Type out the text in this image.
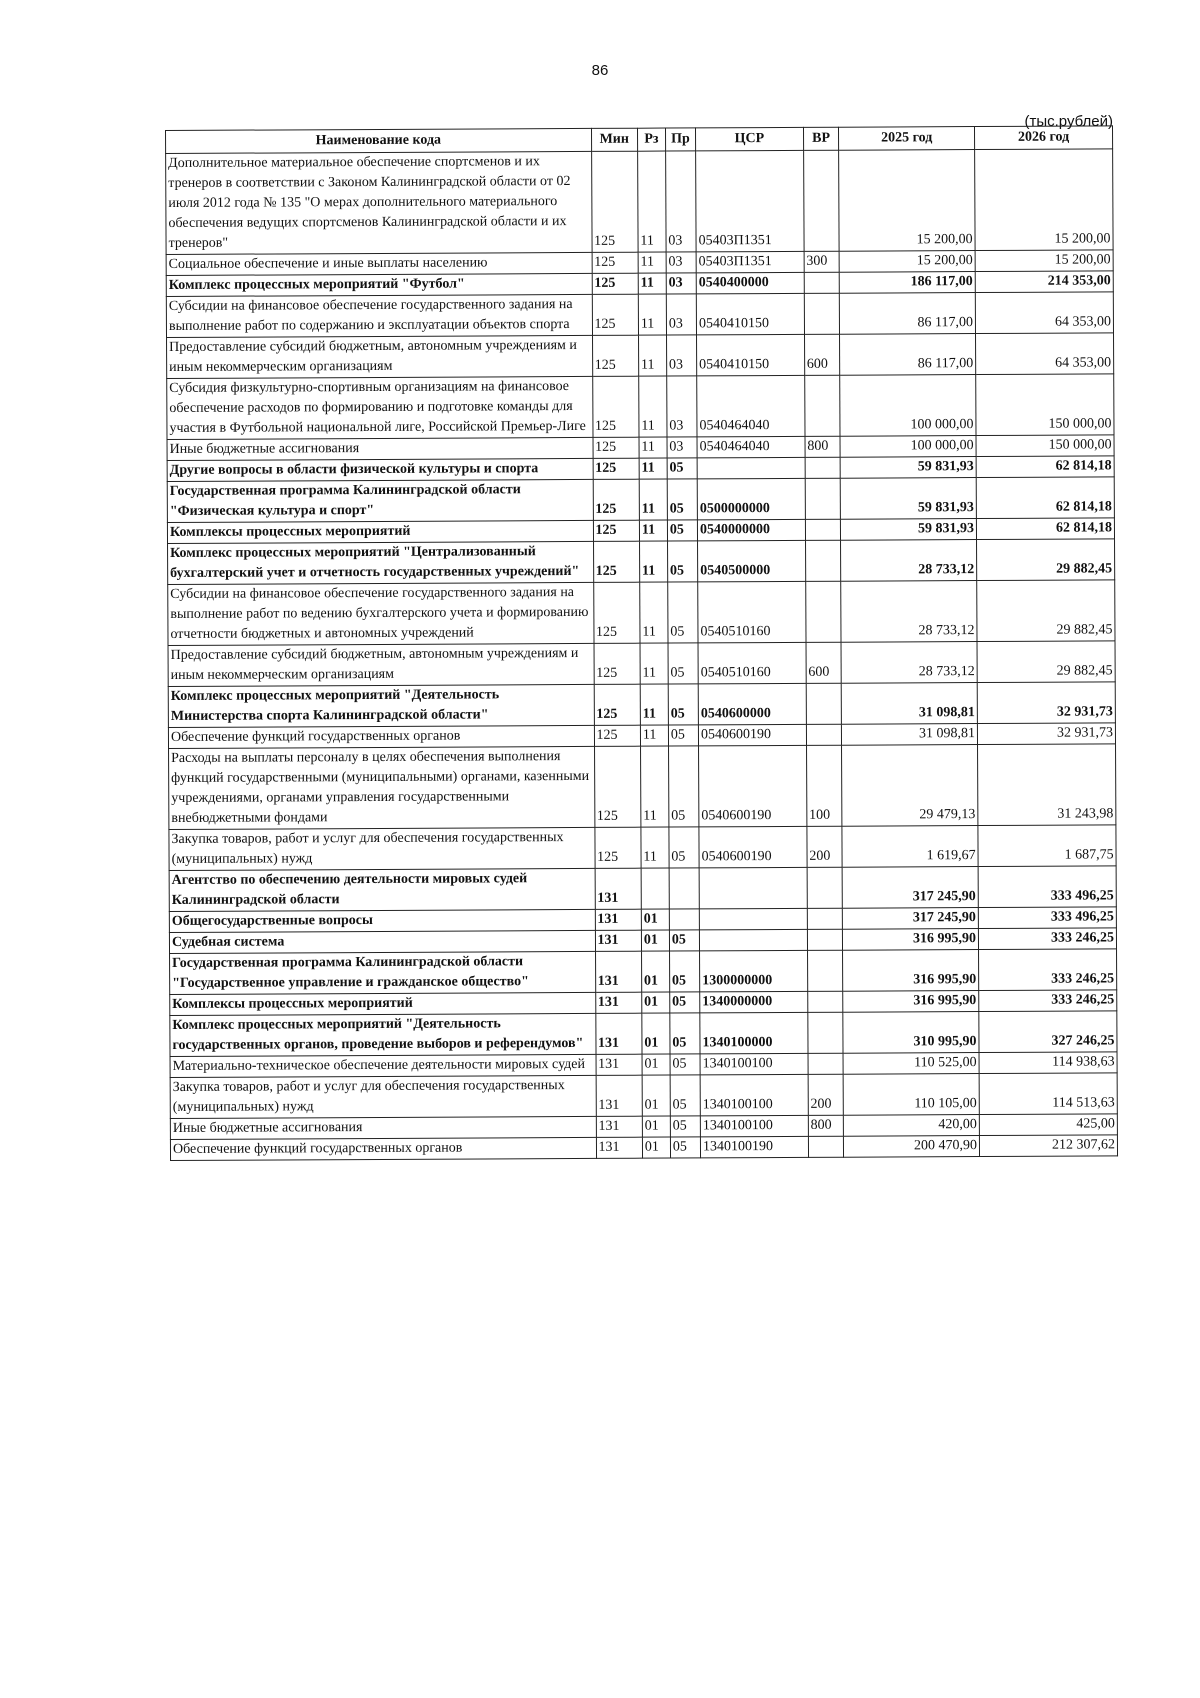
86
(тыс.рублей)
Наименование кода	Мин	Рз	Пр	ЦСР	ВР	2025 год	2026 год
Дополнительное материальное обеспечение спортсменов и их тренеров в соответствии с Законом Калининградской области от 02 июля 2012 года № 135 "О мерах дополнительного материального обеспечения ведущих спортсменов Калининградской области и их тренеров"	125	11	03	05403П1351		15 200,00	15 200,00
Социальное обеспечение и иные выплаты населению	125	11	03	05403П1351	300	15 200,00	15 200,00
Комплекс процессных мероприятий "Футбол"	125	11	03	0540400000		186 117,00	214 353,00
Субсидии на финансовое обеспечение государственного задания на выполнение работ по содержанию и эксплуатации объектов спорта	125	11	03	0540410150		86 117,00	64 353,00
Предоставление субсидий бюджетным, автономным учреждениям и иным некоммерческим организациям	125	11	03	0540410150	600	86 117,00	64 353,00
Субсидия физкультурно-спортивным организациям на финансовое обеспечение расходов по формированию и подготовке команды для участия в Футбольной национальной лиге, Российской Премьер-Лиге	125	11	03	0540464040		100 000,00	150 000,00
Иные бюджетные ассигнования	125	11	03	0540464040	800	100 000,00	150 000,00
Другие вопросы в области физической культуры и спорта	125	11	05			59 831,93	62 814,18
Государственная программа Калининградской области "Физическая культура и спорт"	125	11	05	0500000000		59 831,93	62 814,18
Комплексы процессных мероприятий	125	11	05	0540000000		59 831,93	62 814,18
Комплекс процессных мероприятий "Централизованный бухгалтерский учет и отчетность государственных учреждений"	125	11	05	0540500000		28 733,12	29 882,45
Субсидии на финансовое обеспечение государственного задания на выполнение работ по ведению бухгалтерского учета и формированию отчетности бюджетных и автономных учреждений	125	11	05	0540510160		28 733,12	29 882,45
Предоставление субсидий бюджетным, автономным учреждениям и иным некоммерческим организациям	125	11	05	0540510160	600	28 733,12	29 882,45
Комплекс процессных мероприятий "Деятельность Министерства спорта Калининградской области"	125	11	05	0540600000		31 098,81	32 931,73
Обеспечение функций государственных органов	125	11	05	0540600190		31 098,81	32 931,73
Расходы на выплаты персоналу в целях обеспечения выполнения функций государственными (муниципальными) органами, казенными учреждениями, органами управления государственными внебюджетными фондами	125	11	05	0540600190	100	29 479,13	31 243,98
Закупка товаров, работ и услуг для обеспечения государственных (муниципальных) нужд	125	11	05	0540600190	200	1 619,67	1 687,75
Агентство по обеспечению деятельности мировых судей Калининградской области	131					317 245,90	333 496,25
Общегосударственные вопросы	131	01				317 245,90	333 496,25
Судебная система	131	01	05			316 995,90	333 246,25
Государственная программа Калининградской области "Государственное управление и гражданское общество"	131	01	05	1300000000		316 995,90	333 246,25
Комплексы процессных мероприятий	131	01	05	1340000000		316 995,90	333 246,25
Комплекс процессных мероприятий "Деятельность государственных органов, проведение выборов и референдумов"	131	01	05	1340100000		310 995,90	327 246,25
Материально-техническое обеспечение деятельности мировых судей	131	01	05	1340100100		110 525,00	114 938,63
Закупка товаров, работ и услуг для обеспечения государственных (муниципальных) нужд	131	01	05	1340100100	200	110 105,00	114 513,63
Иные бюджетные ассигнования	131	01	05	1340100100	800	420,00	425,00
Обеспечение функций государственных органов	131	01	05	1340100190		200 470,90	212 307,62
